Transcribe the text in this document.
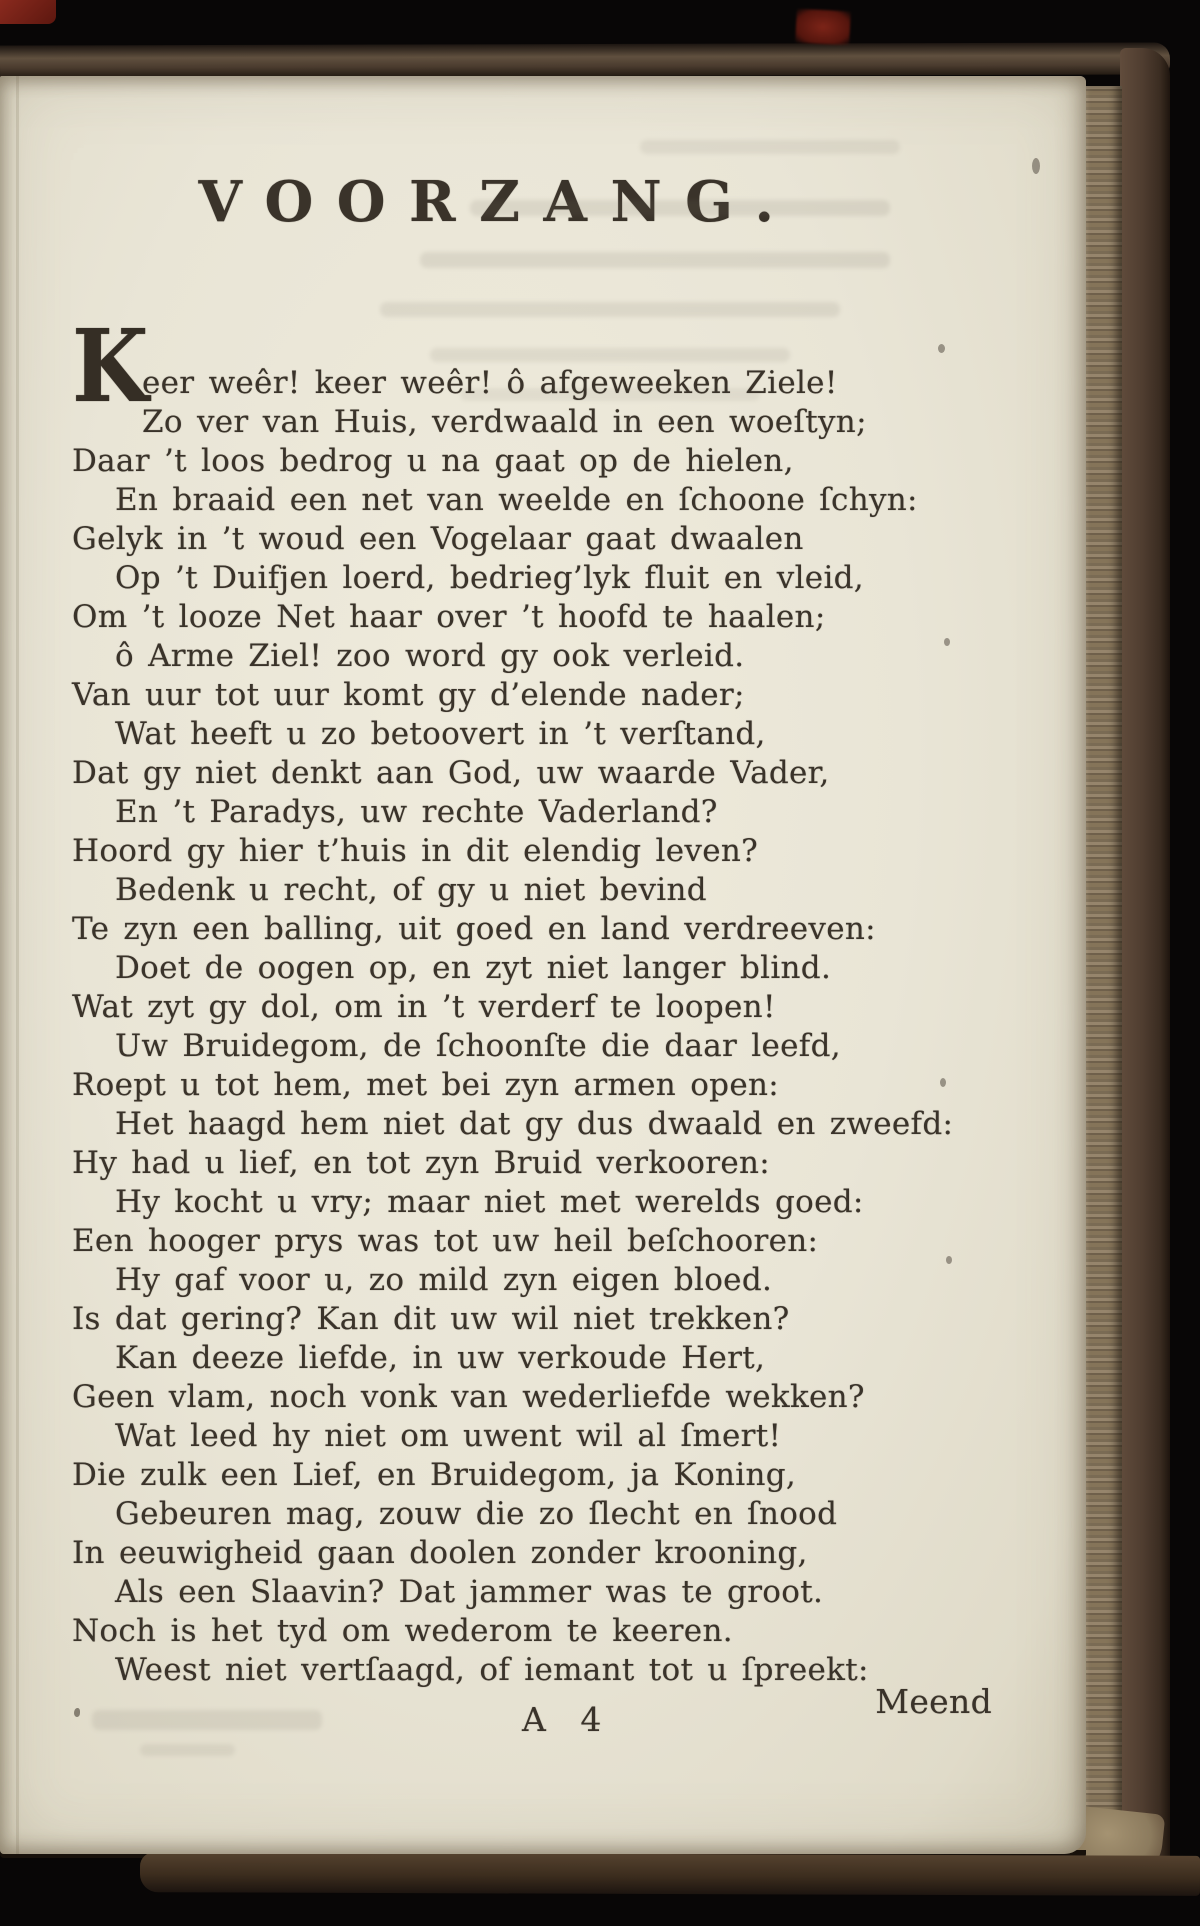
VOORZANG.
K
eer weêr! keer weêr! ô afgeweeken Ziele!
Zo ver van Huis, verdwaald in een woeſtyn;
Daar ’t loos bedrog u na gaat op de hielen,
En braaid een net van weelde en ſchoone ſchyn:
Gelyk in ’t woud een Vogelaar gaat dwaalen
Op ’t Duifjen loerd, bedrieg’lyk fluit en vleid,
Om ’t looze Net haar over ’t hoofd te haalen;
ô Arme Ziel! zoo word gy ook verleid.
Van uur tot uur komt gy d’elende nader;
Wat heeft u zo betoovert in ’t verſtand,
Dat gy niet denkt aan God, uw waarde Vader,
En ’t Paradys, uw rechte Vaderland?
Hoord gy hier t’huis in dit elendig leven?
Bedenk u recht, of gy u niet bevind
Te zyn een balling, uit goed en land verdreeven:
Doet de oogen op, en zyt niet langer blind.
Wat zyt gy dol, om in ’t verderf te loopen!
Uw Bruidegom, de ſchoonſte die daar leefd,
Roept u tot hem, met bei zyn armen open:
Het haagd hem niet dat gy dus dwaald en zweefd:
Hy had u lief, en tot zyn Bruid verkooren:
Hy kocht u vry; maar niet met werelds goed:
Een hooger prys was tot uw heil beſchooren:
Hy gaf voor u, zo mild zyn eigen bloed.
Is dat gering? Kan dit uw wil niet trekken?
Kan deeze liefde, in uw verkoude Hert,
Geen vlam, noch vonk van wederliefde wekken?
Wat leed hy niet om uwent wil al ſmert!
Die zulk een Lief, en Bruidegom, ja Koning,
Gebeuren mag, zouw die zo ſlecht en ſnood
In eeuwigheid gaan doolen zonder krooning,
Als een Slaavin? Dat jammer was te groot.
Noch is het tyd om wederom te keeren.
Weest niet vertſaagd, of iemant tot u ſpreekt:
A 4	Meend
